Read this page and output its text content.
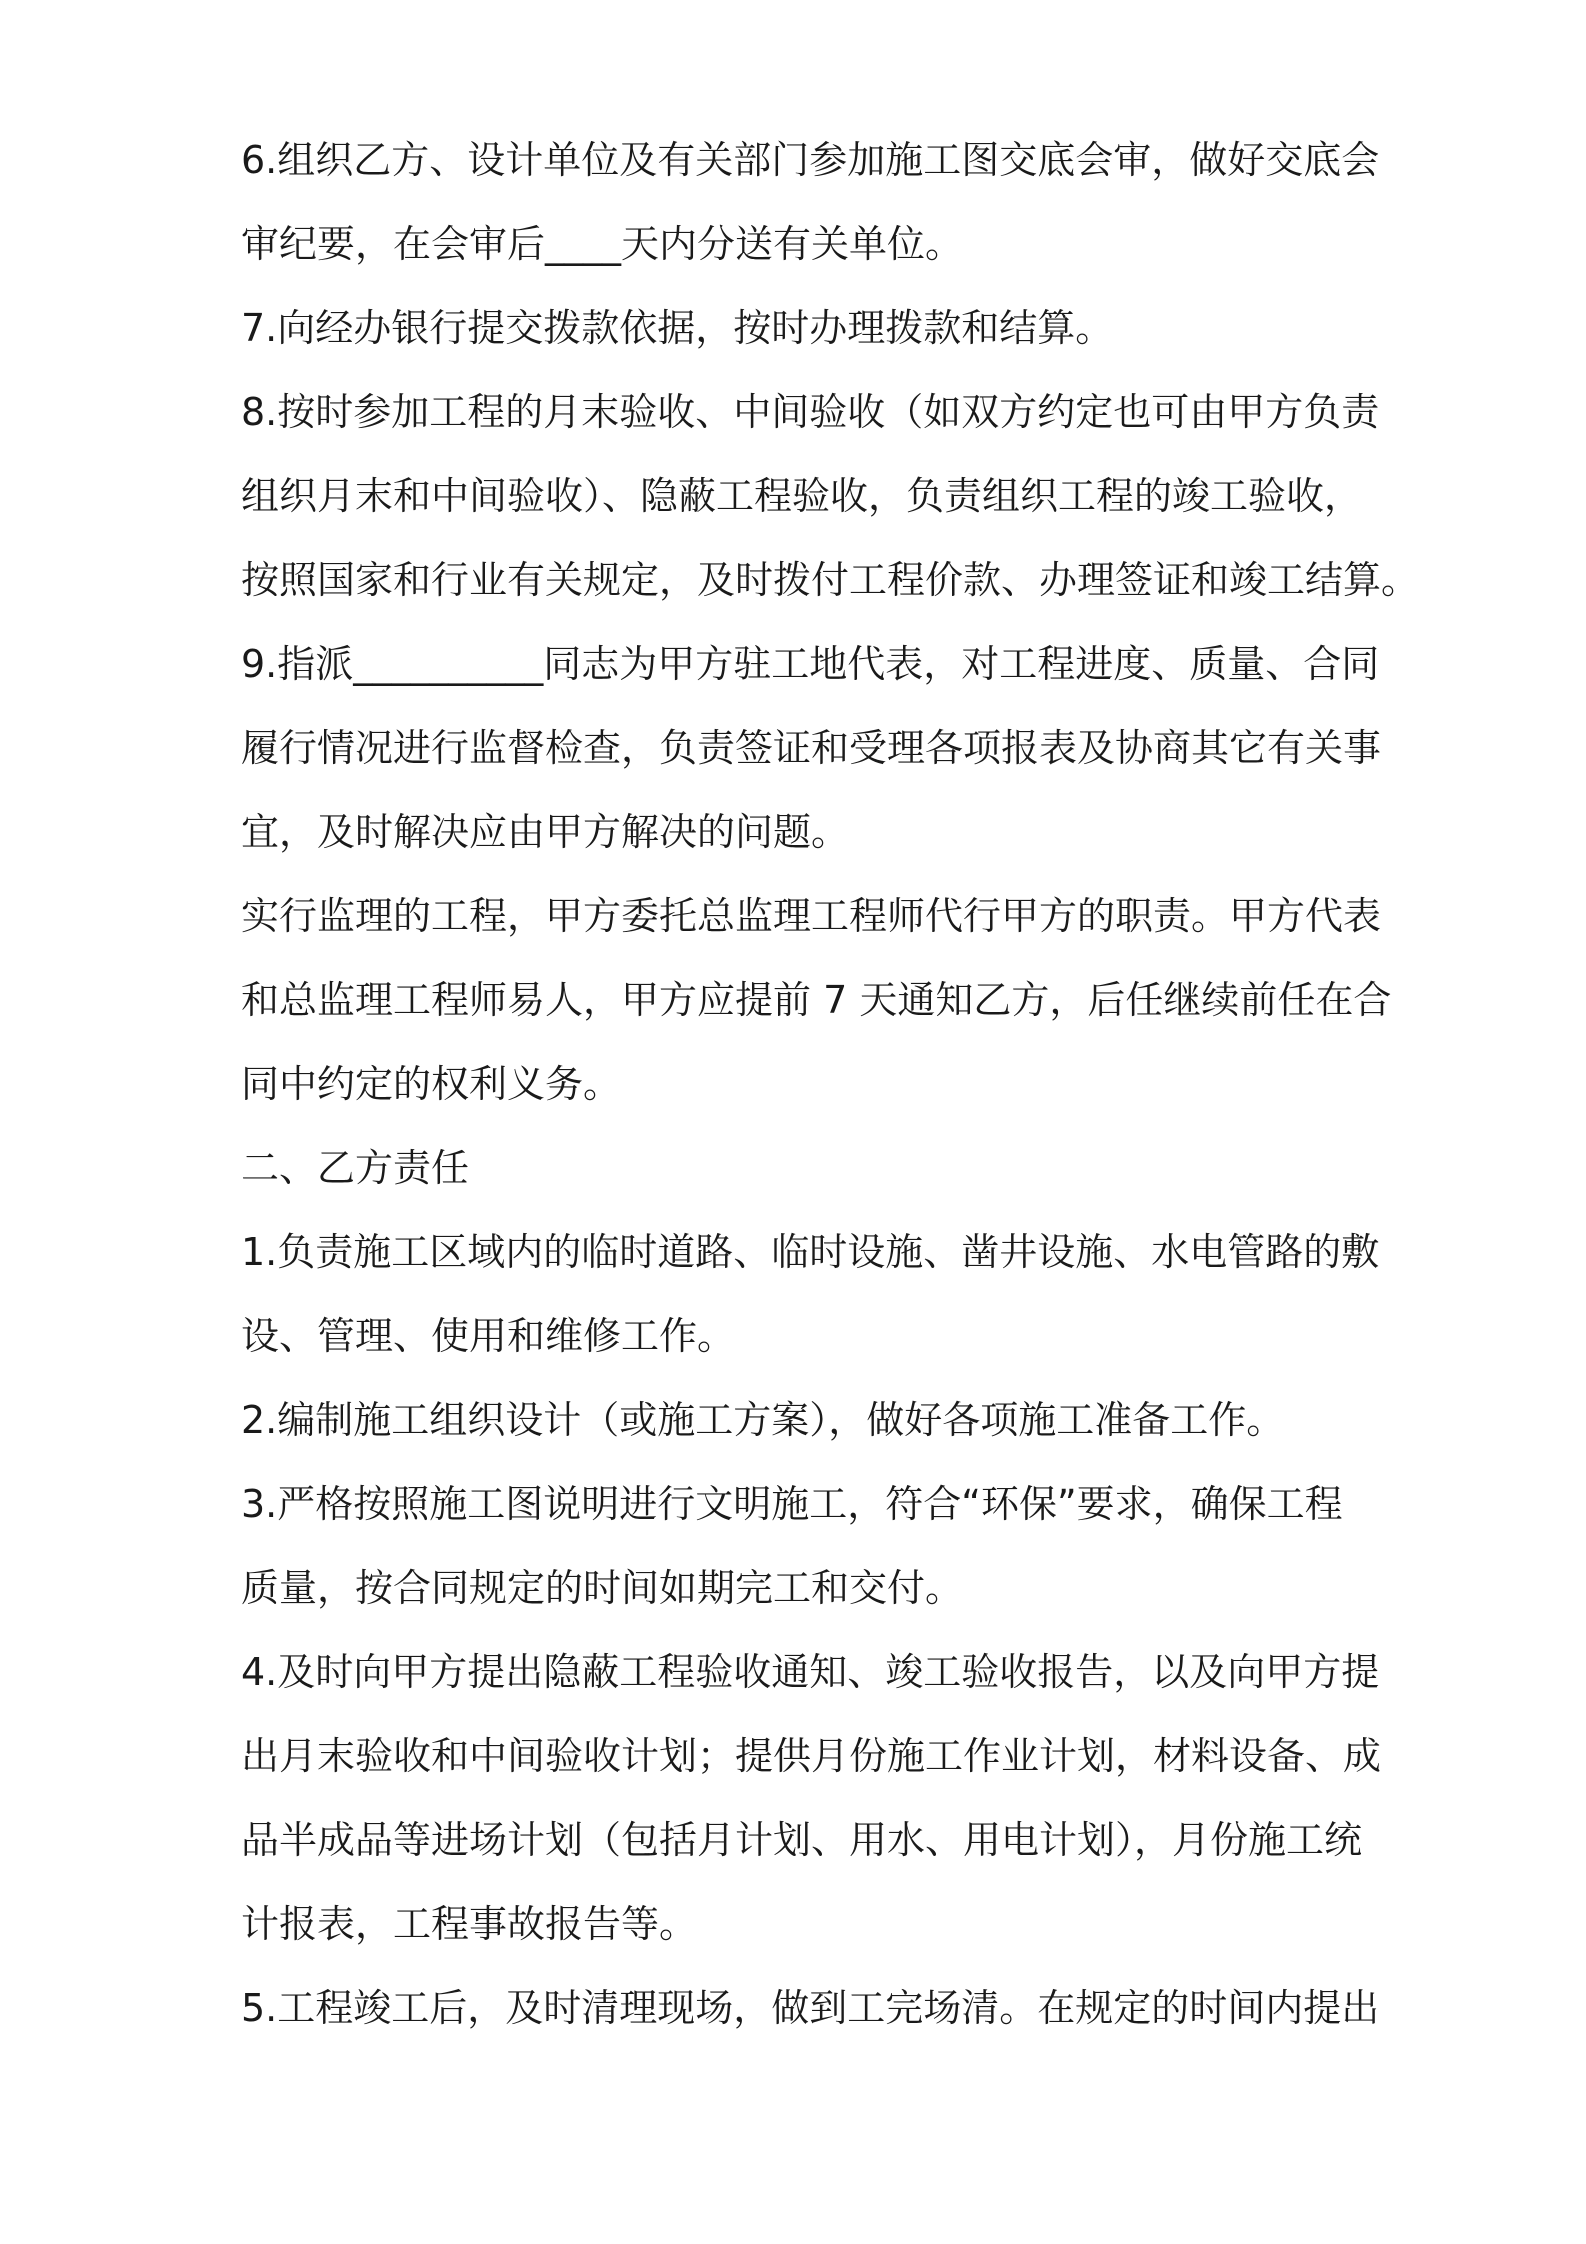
6.组织乙方、设计单位及有关部门参加施工图交底会审，做好交底会
审纪要，在会审后____天内分送有关单位。
7.向经办银行提交拨款依据，按时办理拨款和结算。
8.按时参加工程的月末验收、中间验收（如双方约定也可由甲方负责
组织月末和中间验收）、隐蔽工程验收，负责组织工程的竣工验收，
按照国家和行业有关规定，及时拨付工程价款、办理签证和竣工结算。
9.指派__________同志为甲方驻工地代表，对工程进度、质量、合同
履行情况进行监督检查，负责签证和受理各项报表及协商其它有关事
宜，及时解决应由甲方解决的问题。
实行监理的工程，甲方委托总监理工程师代行甲方的职责。甲方代表
和总监理工程师易人，甲方应提前 7 天通知乙方，后任继续前任在合
同中约定的权利义务。
二、乙方责任
1.负责施工区域内的临时道路、临时设施、凿井设施、水电管路的敷
设、管理、使用和维修工作。
2.编制施工组织设计（或施工方案），做好各项施工准备工作。
3.严格按照施工图说明进行文明施工，符合“环保”要求，确保工程
质量，按合同规定的时间如期完工和交付。
4.及时向甲方提出隐蔽工程验收通知、竣工验收报告，以及向甲方提
出月末验收和中间验收计划；提供月份施工作业计划，材料设备、成
品半成品等进场计划（包括月计划、用水、用电计划），月份施工统
计报表，工程事故报告等。
5.工程竣工后，及时清理现场，做到工完场清。在规定的时间内提出
